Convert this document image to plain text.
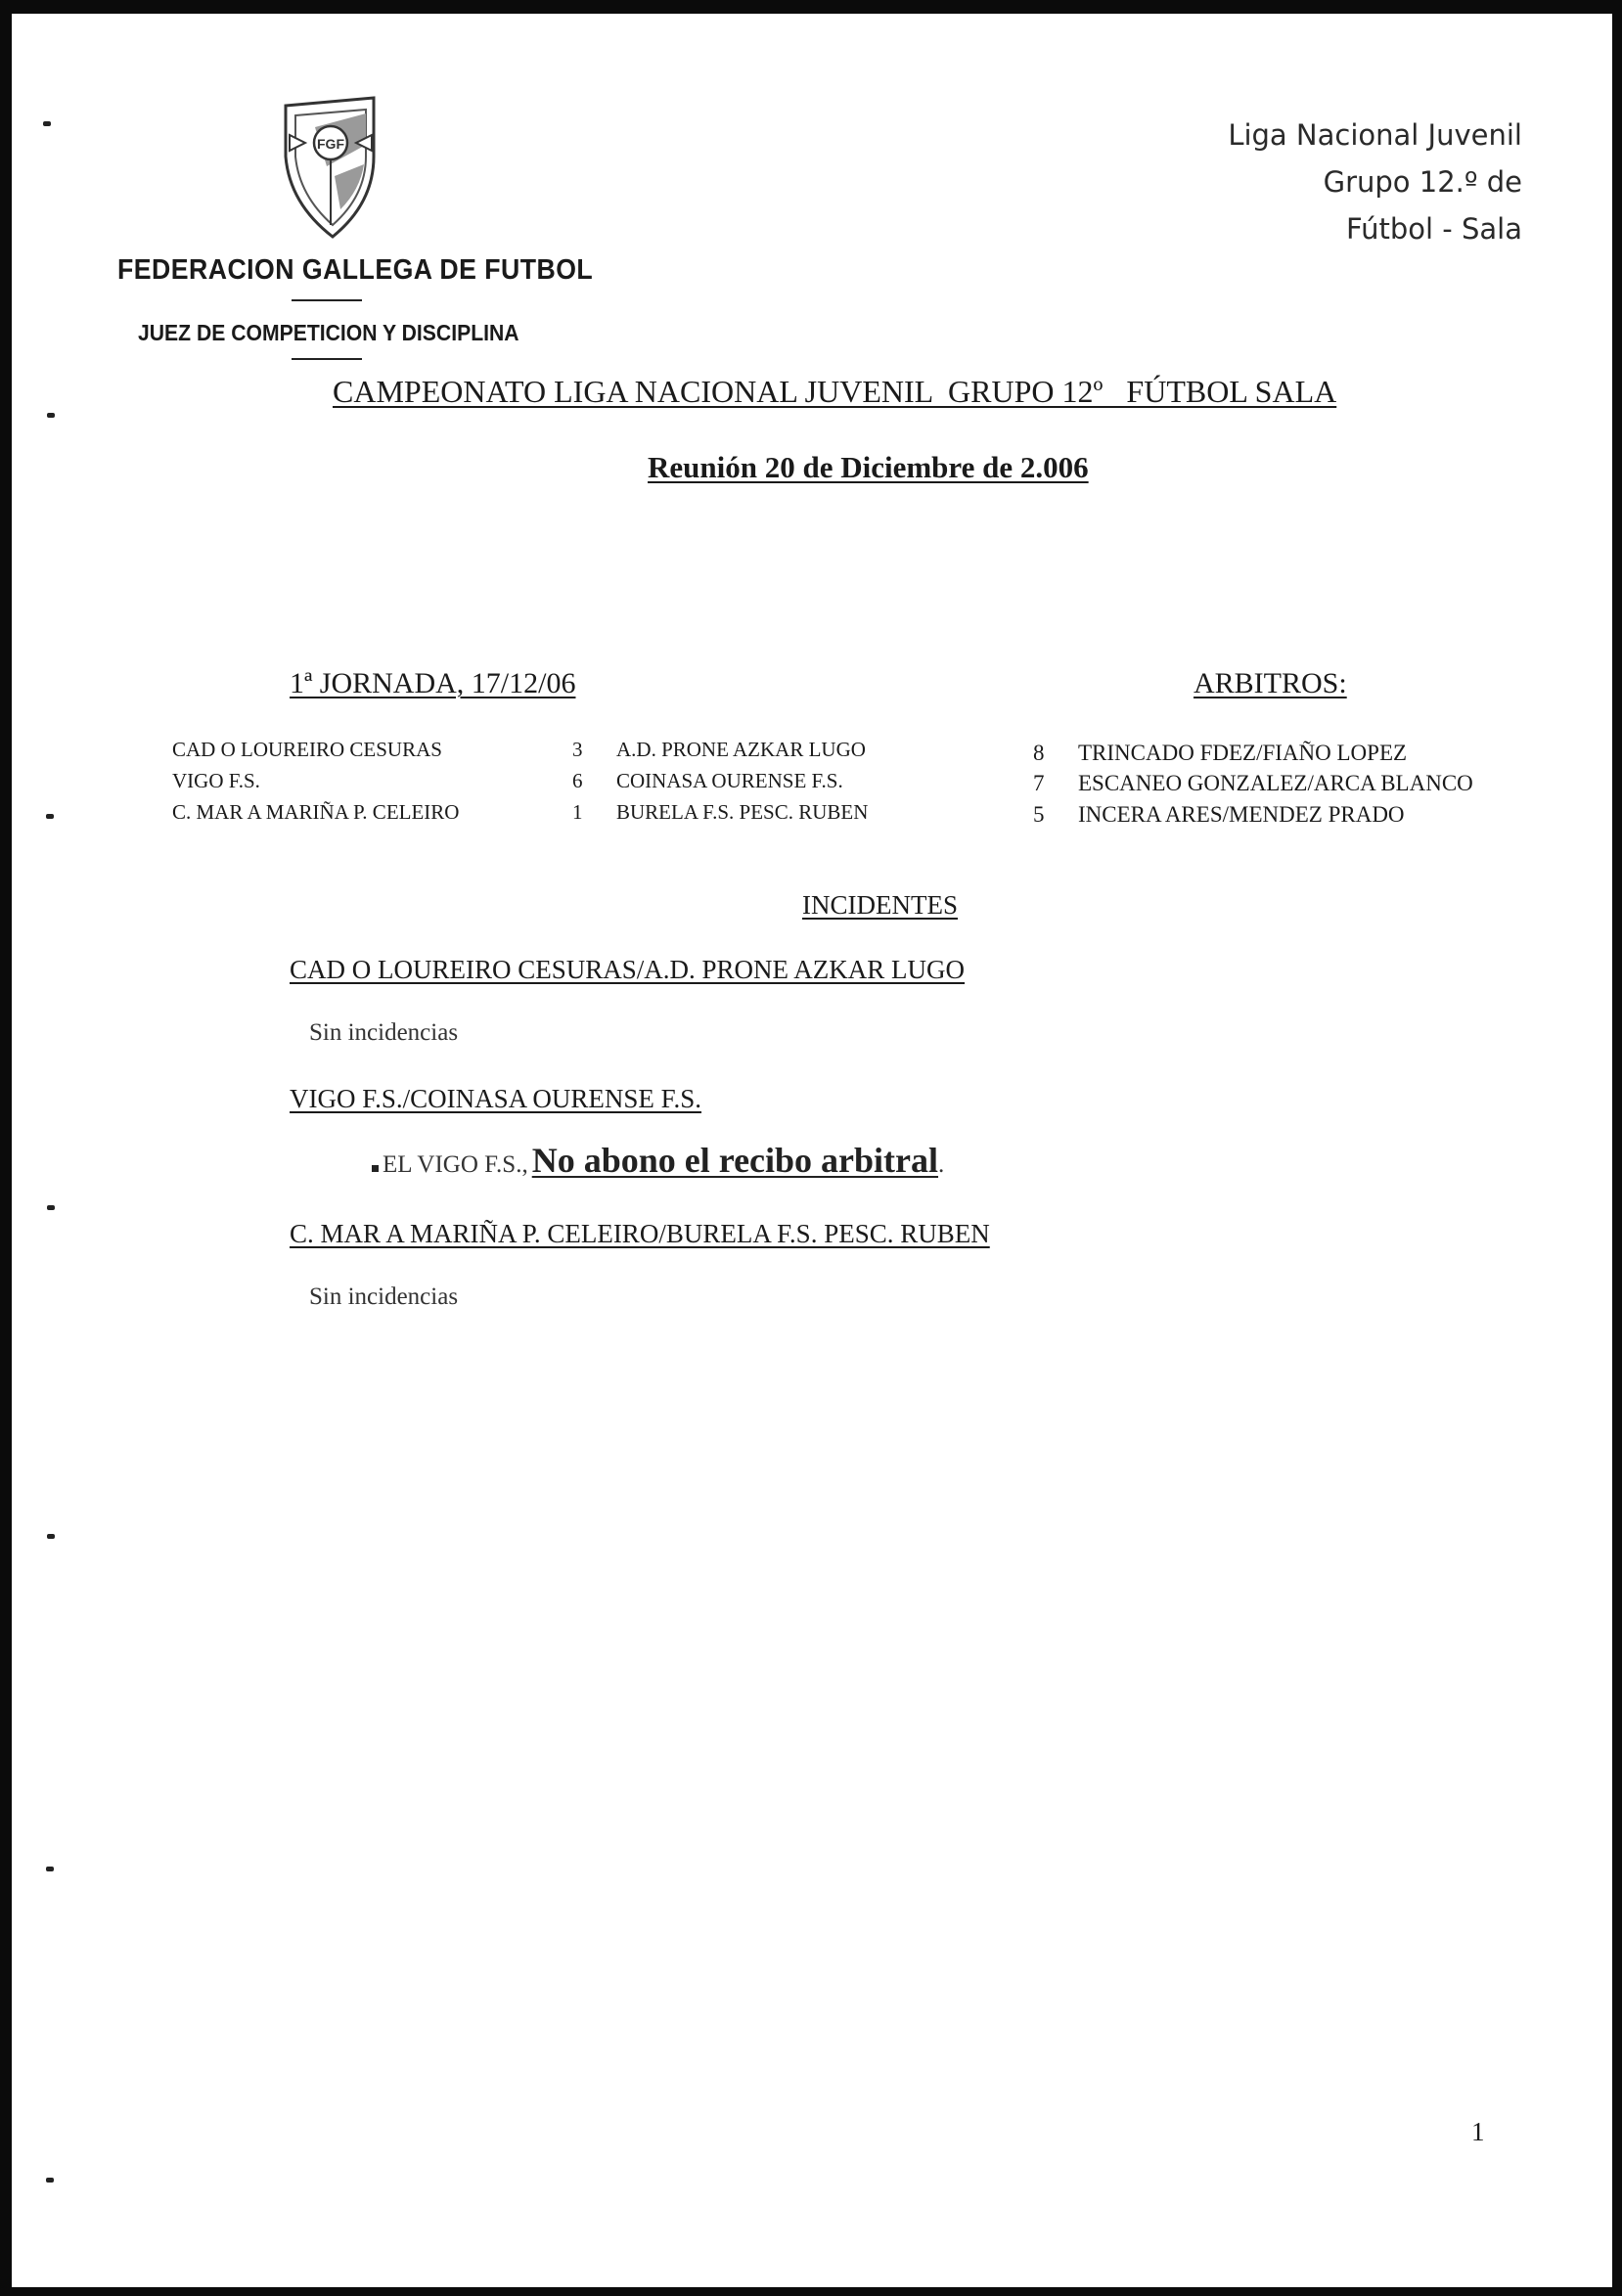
FGF	Liga Nacional Juvenil
Grupo 12.º de
Fútbol - Sala
FEDERACION GALLEGA DE FUTBOL
JUEZ DE COMPETICION Y DISCIPLINA
CAMPEONATO LIGA NACIONAL JUVENIL  GRUPO 12º   FÚTBOL SALA
Reunión 20 de Diciembre de 2.006
1ª JORNADA, 17/12/06	ARBITROS:
CAD O LOUREIRO CESURAS	3 A.D. PRONE AZKAR LUGO	8 TRINCADO FDEZ/FIAÑO LOPEZ
VIGO F.S.	6 COINASA OURENSE F.S.	7 ESCANEO GONZALEZ/ARCA BLANCO
C. MAR A MARIÑA P. CELEIRO	1 BURELA F.S. PESC. RUBEN	5 INCERA ARES/MENDEZ PRADO
INCIDENTES
CAD O LOUREIRO CESURAS/A.D. PRONE AZKAR LUGO
Sin incidencias
VIGO F.S./COINASA OURENSE F.S.
EL VIGO F.S., No abono el recibo arbitral.
C. MAR A MARIÑA P. CELEIRO/BURELA F.S. PESC. RUBEN
Sin incidencias
1
